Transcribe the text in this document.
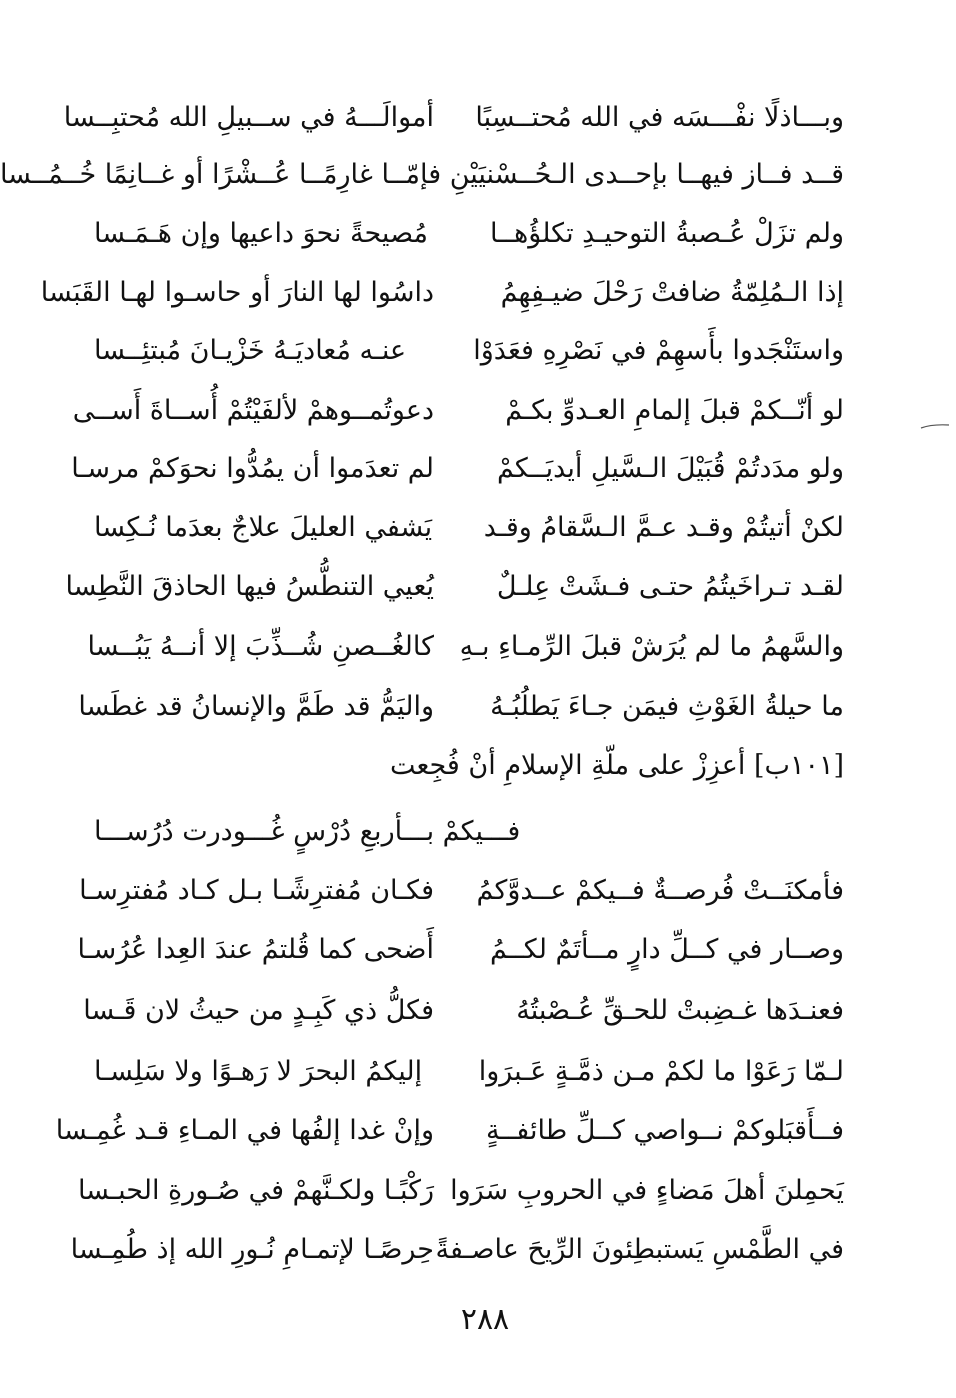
وبـــاذلًا نفْـــسَه في الله مُحتــسِبًا
أموالَـــهُ في ســبيلِ الله مُحتبِــسا
قــد فــاز فيهــا بإحــدى الـحُــسْنيَيْنِ فإمّــا غارِمًــا عُــشْرًا أو غــانِمًا خُــمُــسا
ولم تزَلْ عُـصبةُ التوحيـدِ تكلؤُهــا
مُصيحةً نحوَ داعيها وإن هَـمَـسا
إذا الـمُلِمّةُ ضافتْ رَحْلَ ضيـفِهِمُ
داسُوا لها النارَ أو حاسـوا لهـا القَبَسا
واستَنْجَدوا بأَسهِمْ في نَصْرِهِ فعَدَوْا
عنـه مُعاديَـهُ خَزْيـانَ مُبتئِــسا
لو أنّــكمْ قبلَ إلمامِ العـدوِّ بكـمْ
دعوتُمــوهمْ لألفَيْتُمْ أُســاةَ أَســى
ولو مدَدتُمْ قُبَيْلَ الـسَّيلِ أيديَــكمْ
لم تعدَموا أن يمُدُّوا نحوَكمْ مرسـا
لكنْ أتيتُمْ وقـد عـمَّ الـسَّقامُ وقـد
يَشفي العليلَ علاجٌ بعدَما نُـكِسا
لقـد تـراخَيتُمُ حتـى فـشَتْ عِلـلٌ
يُعيي التنطُّسُ فيها الحاذقَ النَّطِسا
والسَّهمُ ما لم يُرَشْ قبلَ الرِّمـاءِ بـهِ
كالغُــصنِ شُــذِّبَ إلا أنــهُ يَبُــسا
ما حيلةُ الغَوْثِ فيمَن جـاءَ يَطلُبُـهُ
واليَمُّ قد طَمَّ والإنسانُ قد غطَسا
[١٠١ب] أعزِزْ على ملّةِ الإسلامِ أنْ فُجِعت
فـــيكمْ بـــأربعِ دُرْسٍ غُـــودرت دُرُســـا
فأمكنَــتْ فُرصــةٌ فــيكمْ عــدوَّكمُ
فكـان مُفترِشًـا بـل كـاد مُفترِسـا
وصــار في كــلِّ دارٍ مــأتَمٌ لكــمُ
أَضحى كما قُلتمُ عندَ العِدا عُرُسـا
فعنـدَها غـضِبتْ للحـقِّ عُـصْبتُهُ
فكلُّ ذي كَبِـدٍ من حيثُ لان قَـسا
لـمّا رَعَوْا ما لكمْ مـن ذمَّـةٍ عَـبرَوا
إليكمُ البحرَ لا رَهـوًا ولا سَلِسـا
فــأَقبَلوكمْ نــواصي كــلِّ طائفــةٍ
وإنْ غدا إلفُها في المـاءِ قـد غُمِـسا
يَحمِلنَ أهلَ مَضاءٍ في الحروبِ سَرَوا
رَكْبًـا ولكـنَّهمْ في صُـورةِ الحبـسا
في الطَّمْسِ يَستبطِئونَ الرِّيحَ عاصـفةً
حِرصًـا لإتمـامِ نُـورِ الله إذ طُمِـسا
٢٨٨
